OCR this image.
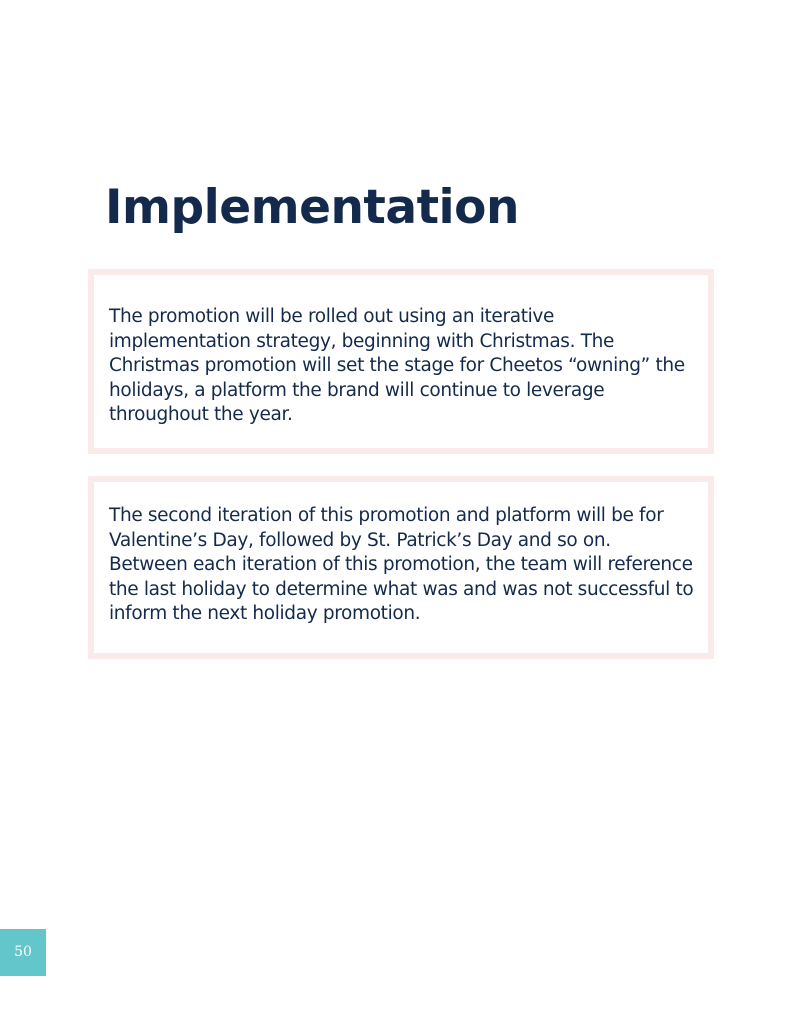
Implementation

The promotion will be rolled out using an iterative implementation strategy, beginning with Christmas. The Christmas promotion will set the stage for Cheetos “owning” the holidays, a platform the brand will continue to leverage throughout the year.

The second iteration of this promotion and platform will be for Valentine’s Day, followed by St. Patrick’s Day and so on. Between each iteration of this promotion, the team will reference the last holiday to determine what was and was not successful to inform the next holiday promotion.

50
